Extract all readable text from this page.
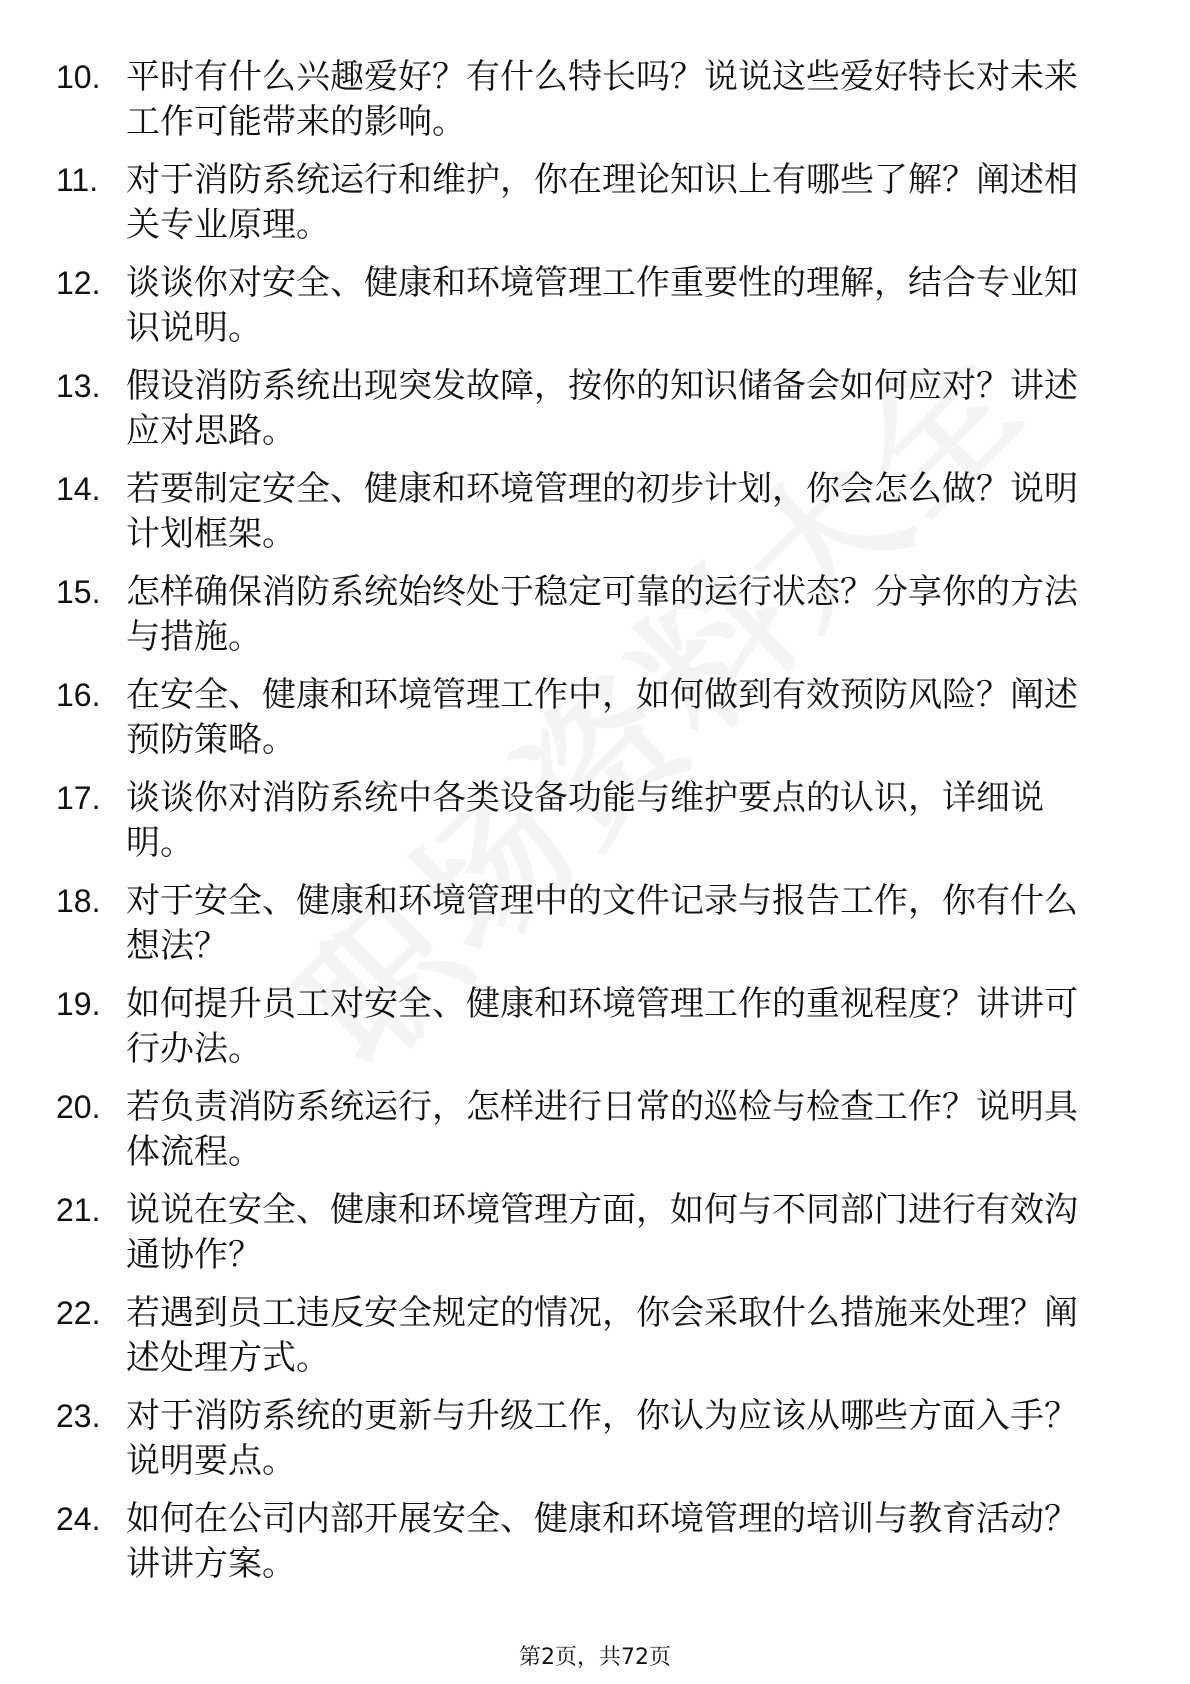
10. 平时有什么兴趣爱好？有什么特长吗？说说这些爱好特长对未来工作可能带来的影响。
11. 对于消防系统运行和维护，你在理论知识上有哪些了解？阐述相关专业原理。
12. 谈谈你对安全、健康和环境管理工作重要性的理解，结合专业知识说明。
13. 假设消防系统出现突发故障，按你的知识储备会如何应对？讲述应对思路。
14. 若要制定安全、健康和环境管理的初步计划，你会怎么做？说明计划框架。
15. 怎样确保消防系统始终处于稳定可靠的运行状态？分享你的方法与措施。
16. 在安全、健康和环境管理工作中，如何做到有效预防风险？阐述预防策略。
17. 谈谈你对消防系统中各类设备功能与维护要点的认识，详细说明。
18. 对于安全、健康和环境管理中的文件记录与报告工作，你有什么想法？
19. 如何提升员工对安全、健康和环境管理工作的重视程度？讲讲可行办法。
20. 若负责消防系统运行，怎样进行日常的巡检与检查工作？说明具体流程。
21. 说说在安全、健康和环境管理方面，如何与不同部门进行有效沟通协作？
22. 若遇到员工违反安全规定的情况，你会采取什么措施来处理？阐述处理方式。
23. 对于消防系统的更新与升级工作，你认为应该从哪些方面入手？说明要点。
24. 如何在公司内部开展安全、健康和环境管理的培训与教育活动？讲讲方案。
第2页，共72页
